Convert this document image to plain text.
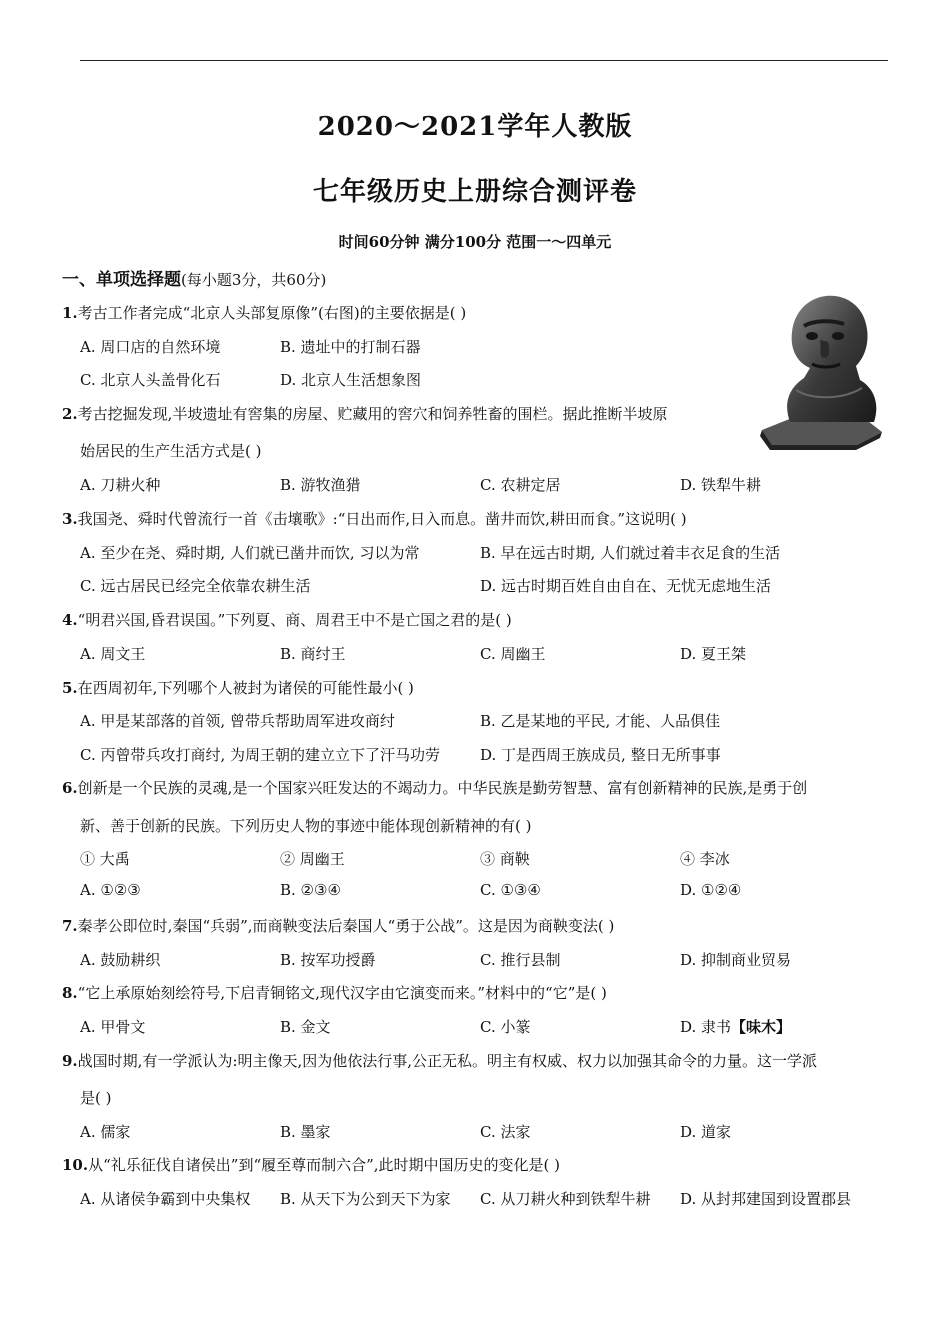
2020～2021学年人教版
七年级历史上册综合测评卷
时间60分钟 满分100分 范围一～四单元
一、单项选择题(每小题3分，共60分)
1.考古工作者完成“北京人头部复原像”(右图)的主要依据是( )
A. 周口店的自然环境	B. 遗址中的打制石器
C. 北京人头盖骨化石	D. 北京人生活想象图
2.考古挖掘发现,半坡遗址有窖集的房屋、贮藏用的窖穴和饲养牲畜的围栏。据此推断半坡原
始居民的生产生活方式是( )
A. 刀耕火种	B. 游牧渔猎	C. 农耕定居	D. 铁犁牛耕
3.我国尧、舜时代曾流行一首《击壤歌》:“日出而作,日入而息。凿井而饮,耕田而食。”这说明( )
A. 至少在尧、舜时期, 人们就已凿井而饮, 习以为常	B. 早在远古时期, 人们就过着丰衣足食的生活
C. 远古居民已经完全依靠农耕生活	D. 远古时期百姓自由自在、无忧无虑地生活
4.“明君兴国,昏君误国。”下列夏、商、周君王中不是亡国之君的是( )
A. 周文王	B. 商纣王	C. 周幽王	D. 夏王桀
5.在西周初年,下列哪个人被封为诸侯的可能性最小( )
A. 甲是某部落的首领, 曾带兵帮助周军进攻商纣	B. 乙是某地的平民, 才能、人品俱佳
C. 丙曾带兵攻打商纣, 为周王朝的建立立下了汗马功劳	D. 丁是西周王族成员, 整日无所事事
6.创新是一个民族的灵魂,是一个国家兴旺发达的不竭动力。中华民族是勤劳智慧、富有创新精神的民族,是勇于创
新、善于创新的民族。下列历史人物的事迹中能体现创新精神的有( )
① 大禹	② 周幽王	③ 商鞅	④ 李冰
A. ①②③	B. ②③④	C. ①③④	D. ①②④
7.秦孝公即位时,秦国“兵弱”,而商鞅变法后秦国人“勇于公战”。这是因为商鞅变法( )
A. 鼓励耕织	B. 按军功授爵	C. 推行县制	D. 抑制商业贸易
8.“它上承原始刻绘符号,下启青铜铭文,现代汉字由它演变而来。”材料中的“它”是( )
A. 甲骨文	B. 金文	C. 小篆	D. 隶书【味木】
9.战国时期,有一学派认为:明主像天,因为他依法行事,公正无私。明主有权威、权力以加强其命令的力量。这一学派
是( )
A. 儒家	B. 墨家	C. 法家	D. 道家
10.从“礼乐征伐自诸侯出”到“履至尊而制六合”,此时期中国历史的变化是( )
A. 从诸侯争霸到中央集权 B. 从天下为公到天下为家 C. 从刀耕火种到铁犁牛耕 D. 从封邦建国到设置郡县
